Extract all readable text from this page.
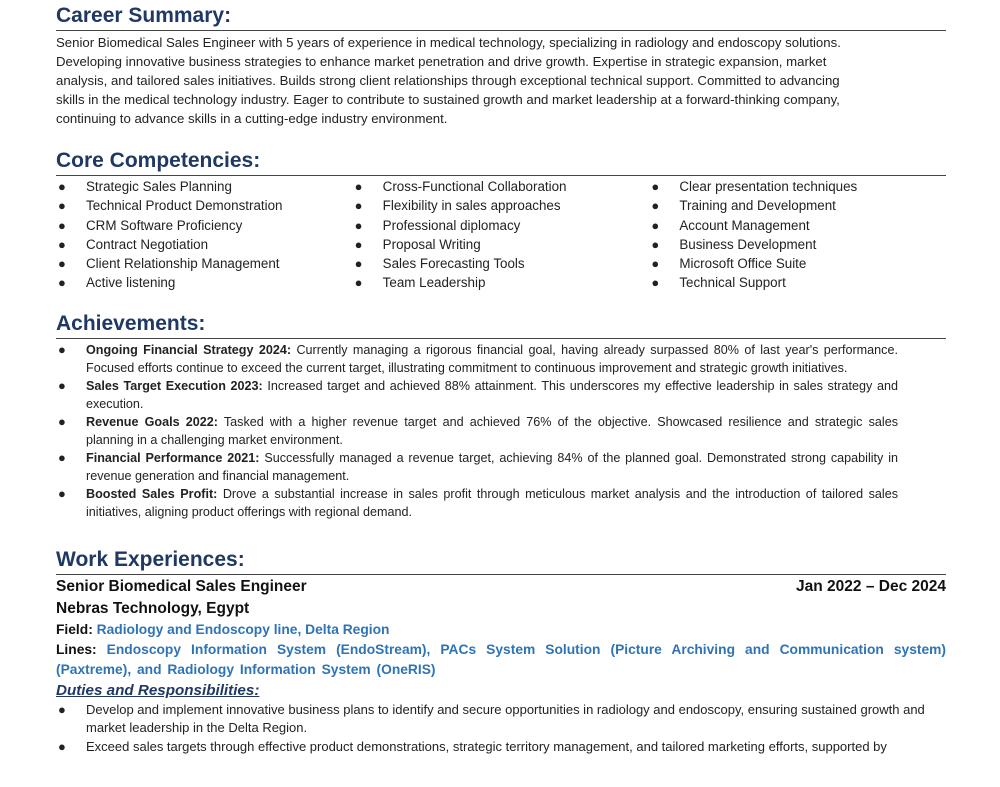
Career Summary:
Senior Biomedical Sales Engineer with 5 years of experience in medical technology, specializing in radiology and endoscopy solutions.
Developing innovative business strategies to enhance market penetration and drive growth. Expertise in strategic expansion, market
analysis, and tailored sales initiatives. Builds strong client relationships through exceptional technical support. Committed to advancing
skills in the medical technology industry. Eager to contribute to sustained growth and market leadership at a forward-thinking company,
continuing to advance skills in a cutting-edge industry environment.
Core Competencies:
● Strategic Sales Planning
● Technical Product Demonstration
● CRM Software Proficiency
● Contract Negotiation
● Client Relationship Management
● Active listening
● Cross-Functional Collaboration
● Flexibility in sales approaches
● Professional diplomacy
● Proposal Writing
● Sales Forecasting Tools
● Team Leadership
● Clear presentation techniques
● Training and Development
● Account Management
● Business Development
● Microsoft Office Suite
● Technical Support
Achievements:
● Ongoing Financial Strategy 2024: Currently managing a rigorous financial goal, having already surpassed 80% of last year's performance. Focused efforts continue to exceed the current target, illustrating commitment to continuous improvement and strategic growth initiatives.
● Sales Target Execution 2023: Increased target and achieved 88% attainment. This underscores my effective leadership in sales strategy and execution.
● Revenue Goals 2022: Tasked with a higher revenue target and achieved 76% of the objective. Showcased resilience and strategic sales planning in a challenging market environment.
● Financial Performance 2021: Successfully managed a revenue target, achieving 84% of the planned goal. Demonstrated strong capability in revenue generation and financial management.
● Boosted Sales Profit: Drove a substantial increase in sales profit through meticulous market analysis and the introduction of tailored sales initiatives, aligning product offerings with regional demand.
Work Experiences:
Senior Biomedical Sales Engineer	Jan 2022 – Dec 2024
Nebras Technology, Egypt
Field: Radiology and Endoscopy line, Delta Region
Lines: Endoscopy Information System (EndoStream), PACs System Solution (Picture Archiving and Communication system) (Paxtreme), and Radiology Information System (OneRIS)
Duties and Responsibilities:
● Develop and implement innovative business plans to identify and secure opportunities in radiology and endoscopy, ensuring sustained growth and market leadership in the Delta Region.
● Exceed sales targets through effective product demonstrations, strategic territory management, and tailored marketing efforts, supported by
